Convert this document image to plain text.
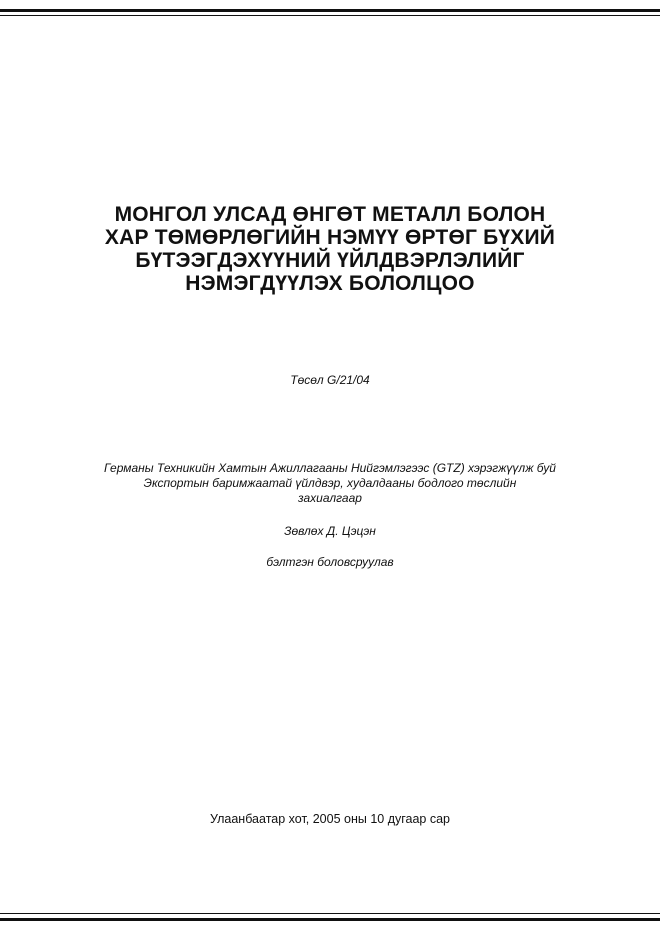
МОНГОЛ УЛСАД ӨНГӨТ МЕТАЛЛ БОЛОН
ХАР ТӨМӨРЛӨГИЙН НЭМҮҮ ӨРТӨГ БҮХИЙ
БҮТЭЭГДЭХҮҮНИЙ ҮЙЛДВЭРЛЭЛИЙГ
НЭМЭГДҮҮЛЭХ БОЛОЛЦОО
Төсөл G/21/04
Германы Техникийн Хамтын Ажиллагааны Нийгэмлэгээс (GTZ) хэрэгжүүлж буй
Экспортын баримжаатай үйлдвэр, худалдааны бодлого төслийн
захиалгаар
Зөвлөх Д. Цэцэн
бэлтгэн боловсруулав
Улаанбаатар хот, 2005 оны 10 дугаар сар
